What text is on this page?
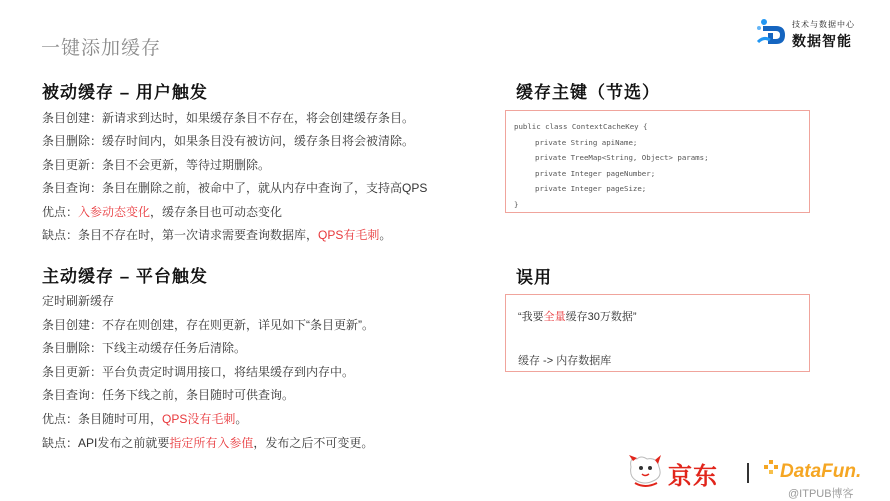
一键添加缓存
技术与数据中心
数据智能
被动缓存 – 用户触发
条目创建：新请求到达时，如果缓存条目不存在，将会创建缓存条目。
条目删除：缓存时间内，如果条目没有被访问，缓存条目将会被清除。
条目更新：条目不会更新，等待过期删除。
条目查询：条目在删除之前，被命中了，就从内存中查询了，支持高QPS
优点：入参动态变化，缓存条目也可动态变化
缺点：条目不存在时，第一次请求需要查询数据库，QPS有毛刺。
主动缓存 – 平台触发
定时刷新缓存
条目创建：不存在则创建，存在则更新，详见如下“条目更新”。
条目删除：下线主动缓存任务后清除。
条目更新：平台负责定时调用接口，将结果缓存到内存中。
条目查询：任务下线之前，条目随时可供查询。
优点：条目随时可用，QPS没有毛刺。
缺点：API发布之前就要指定所有入参值，发布之后不可变更。
缓存主键（节选）
public class ContextCacheKey {
private String apiName;
private TreeMap<String, Object> params;
private Integer pageNumber;
private Integer pageSize;
}
误用
“我要全量缓存30万数据”
缓存 -> 内存数据库
京东	DataFun.
@ITPUB博客
